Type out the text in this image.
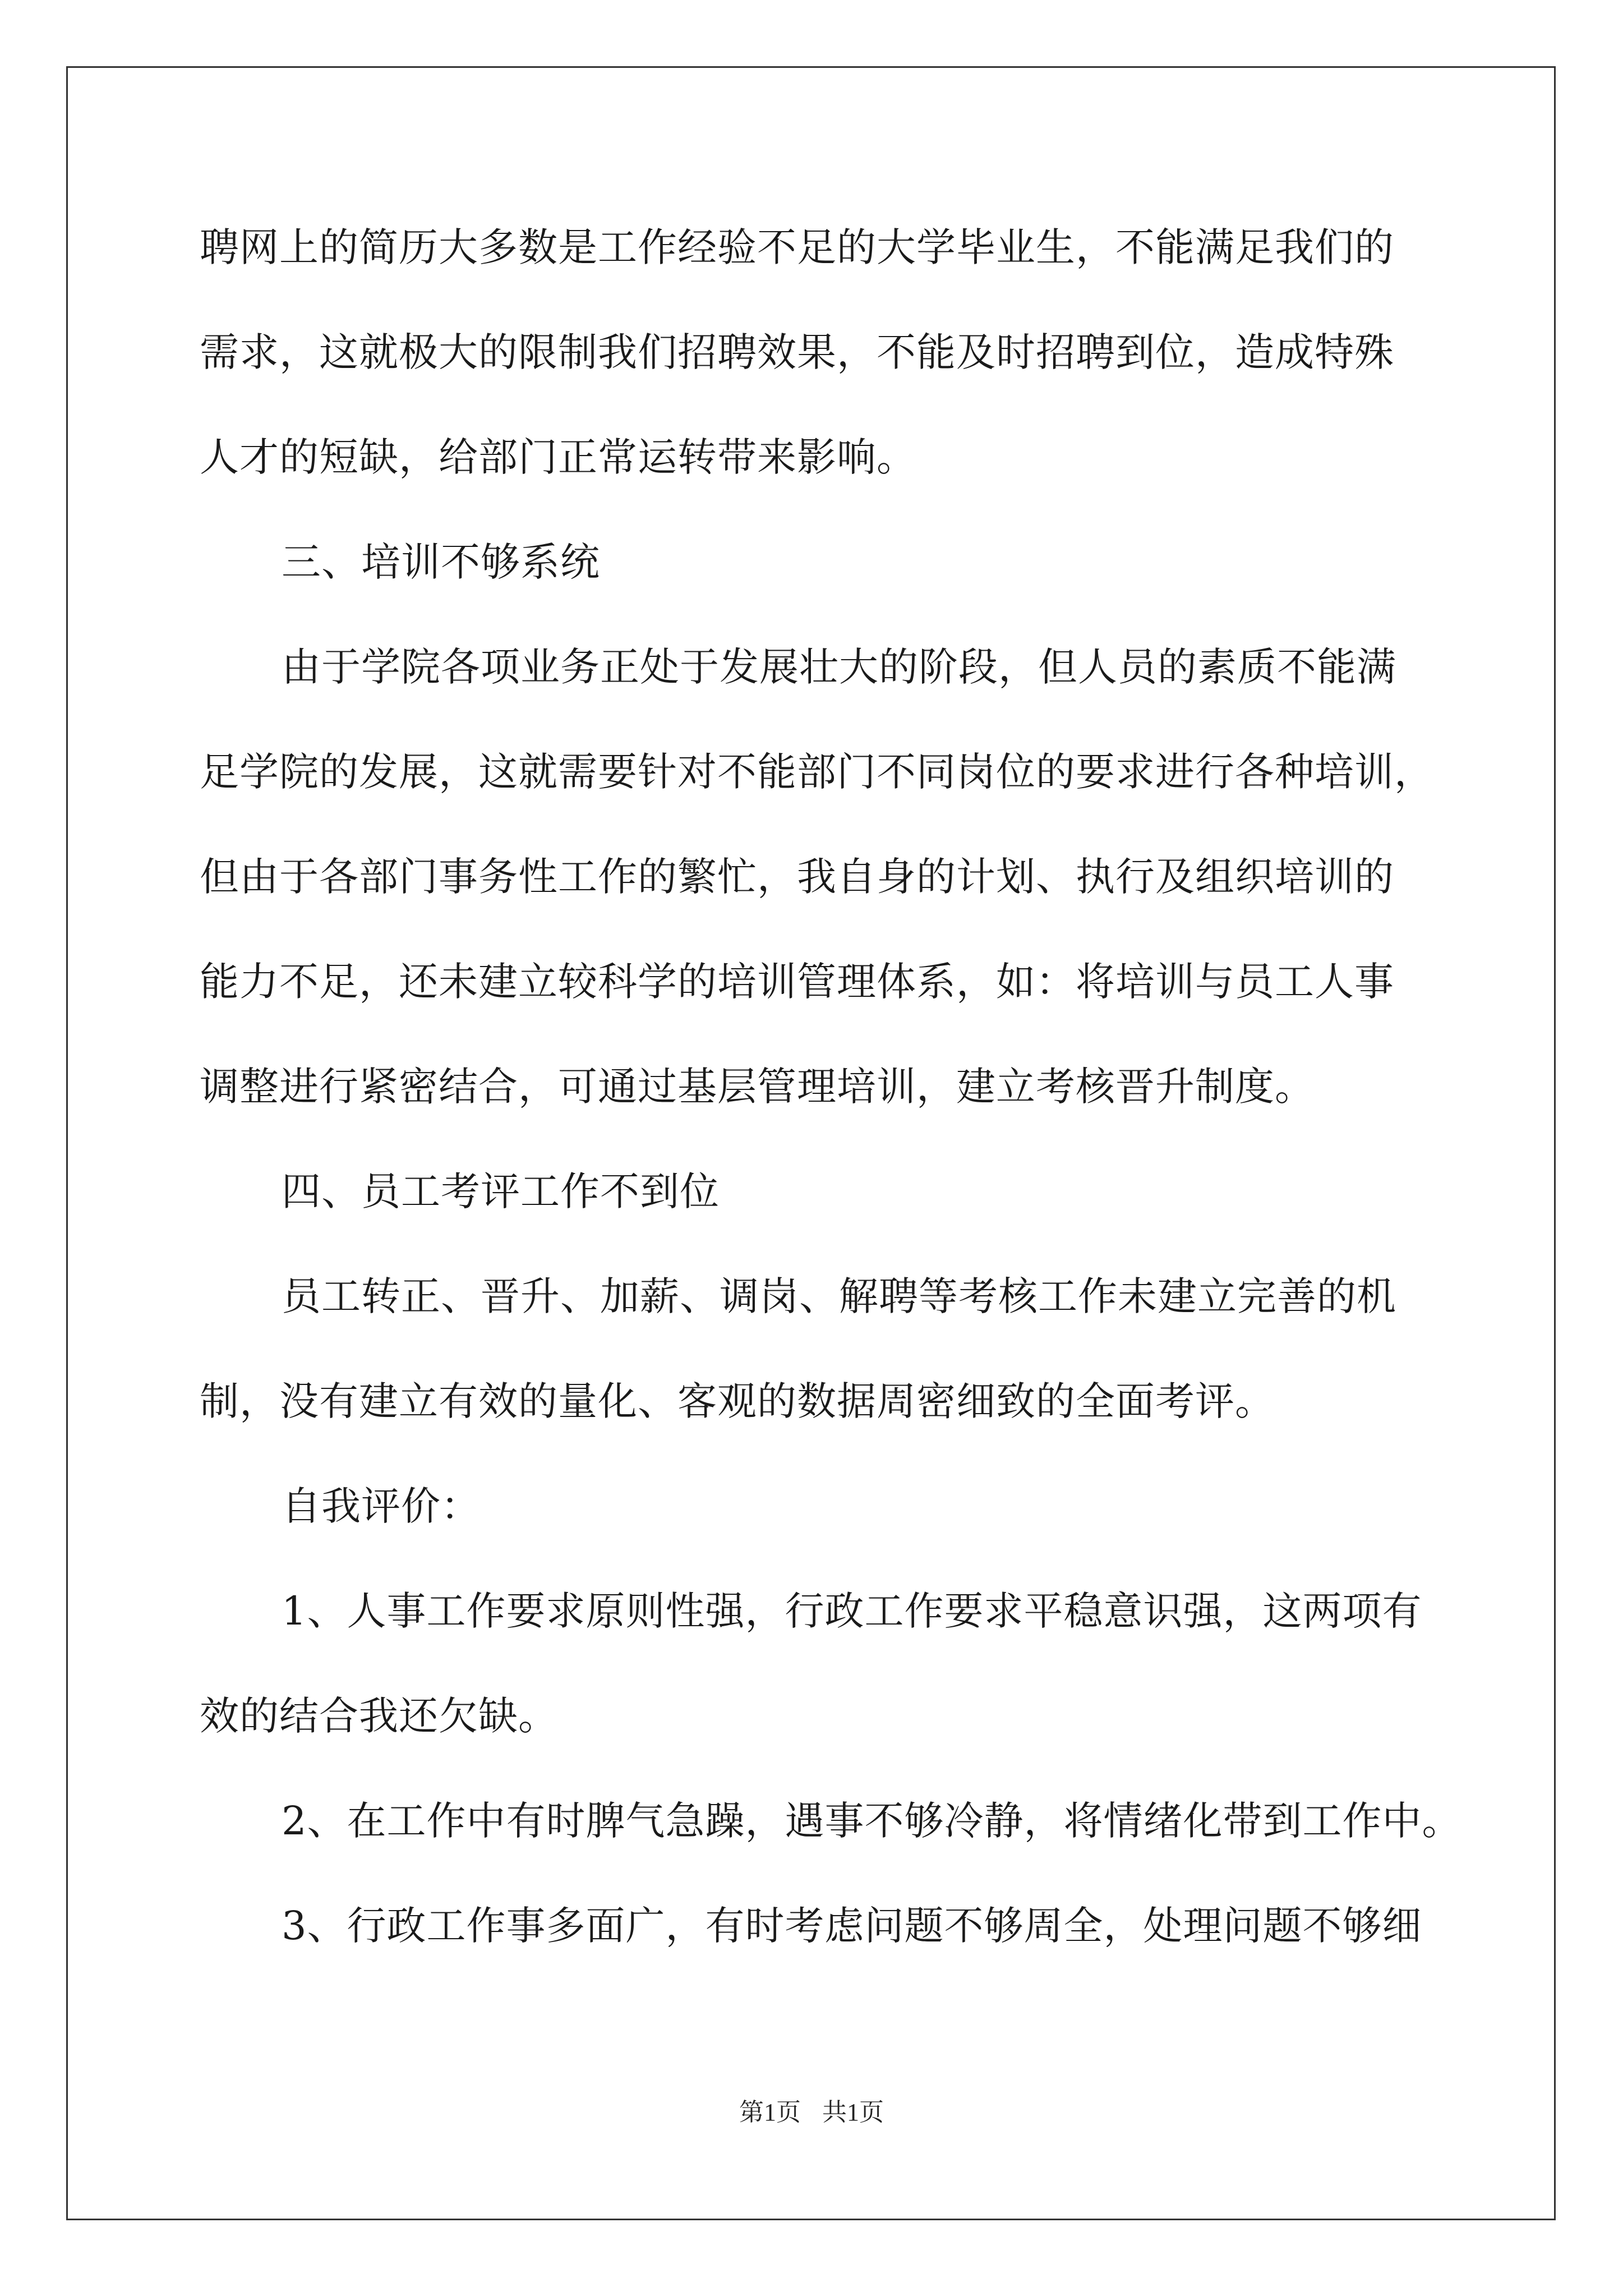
聘网上的简历大多数是工作经验不足的大学毕业生，不能满足我们的
需求，这就极大的限制我们招聘效果，不能及时招聘到位，造成特殊
人才的短缺，给部门正常运转带来影响。
三、培训不够系统
由于学院各项业务正处于发展壮大的阶段，但人员的素质不能满
足学院的发展，这就需要针对不能部门不同岗位的要求进行各种培训，
但由于各部门事务性工作的繁忙，我自身的计划、执行及组织培训的
能力不足，还未建立较科学的培训管理体系，如：将培训与员工人事
调整进行紧密结合，可通过基层管理培训，建立考核晋升制度。
四、员工考评工作不到位
员工转正、晋升、加薪、调岗、解聘等考核工作未建立完善的机
制，没有建立有效的量化、客观的数据周密细致的全面考评。
自我评价：
1、人事工作要求原则性强，行政工作要求平稳意识强，这两项有
效的结合我还欠缺。
2、在工作中有时脾气急躁，遇事不够冷静，将情绪化带到工作中。
3、行政工作事多面广，有时考虑问题不够周全，处理问题不够细
第1页 共1页
